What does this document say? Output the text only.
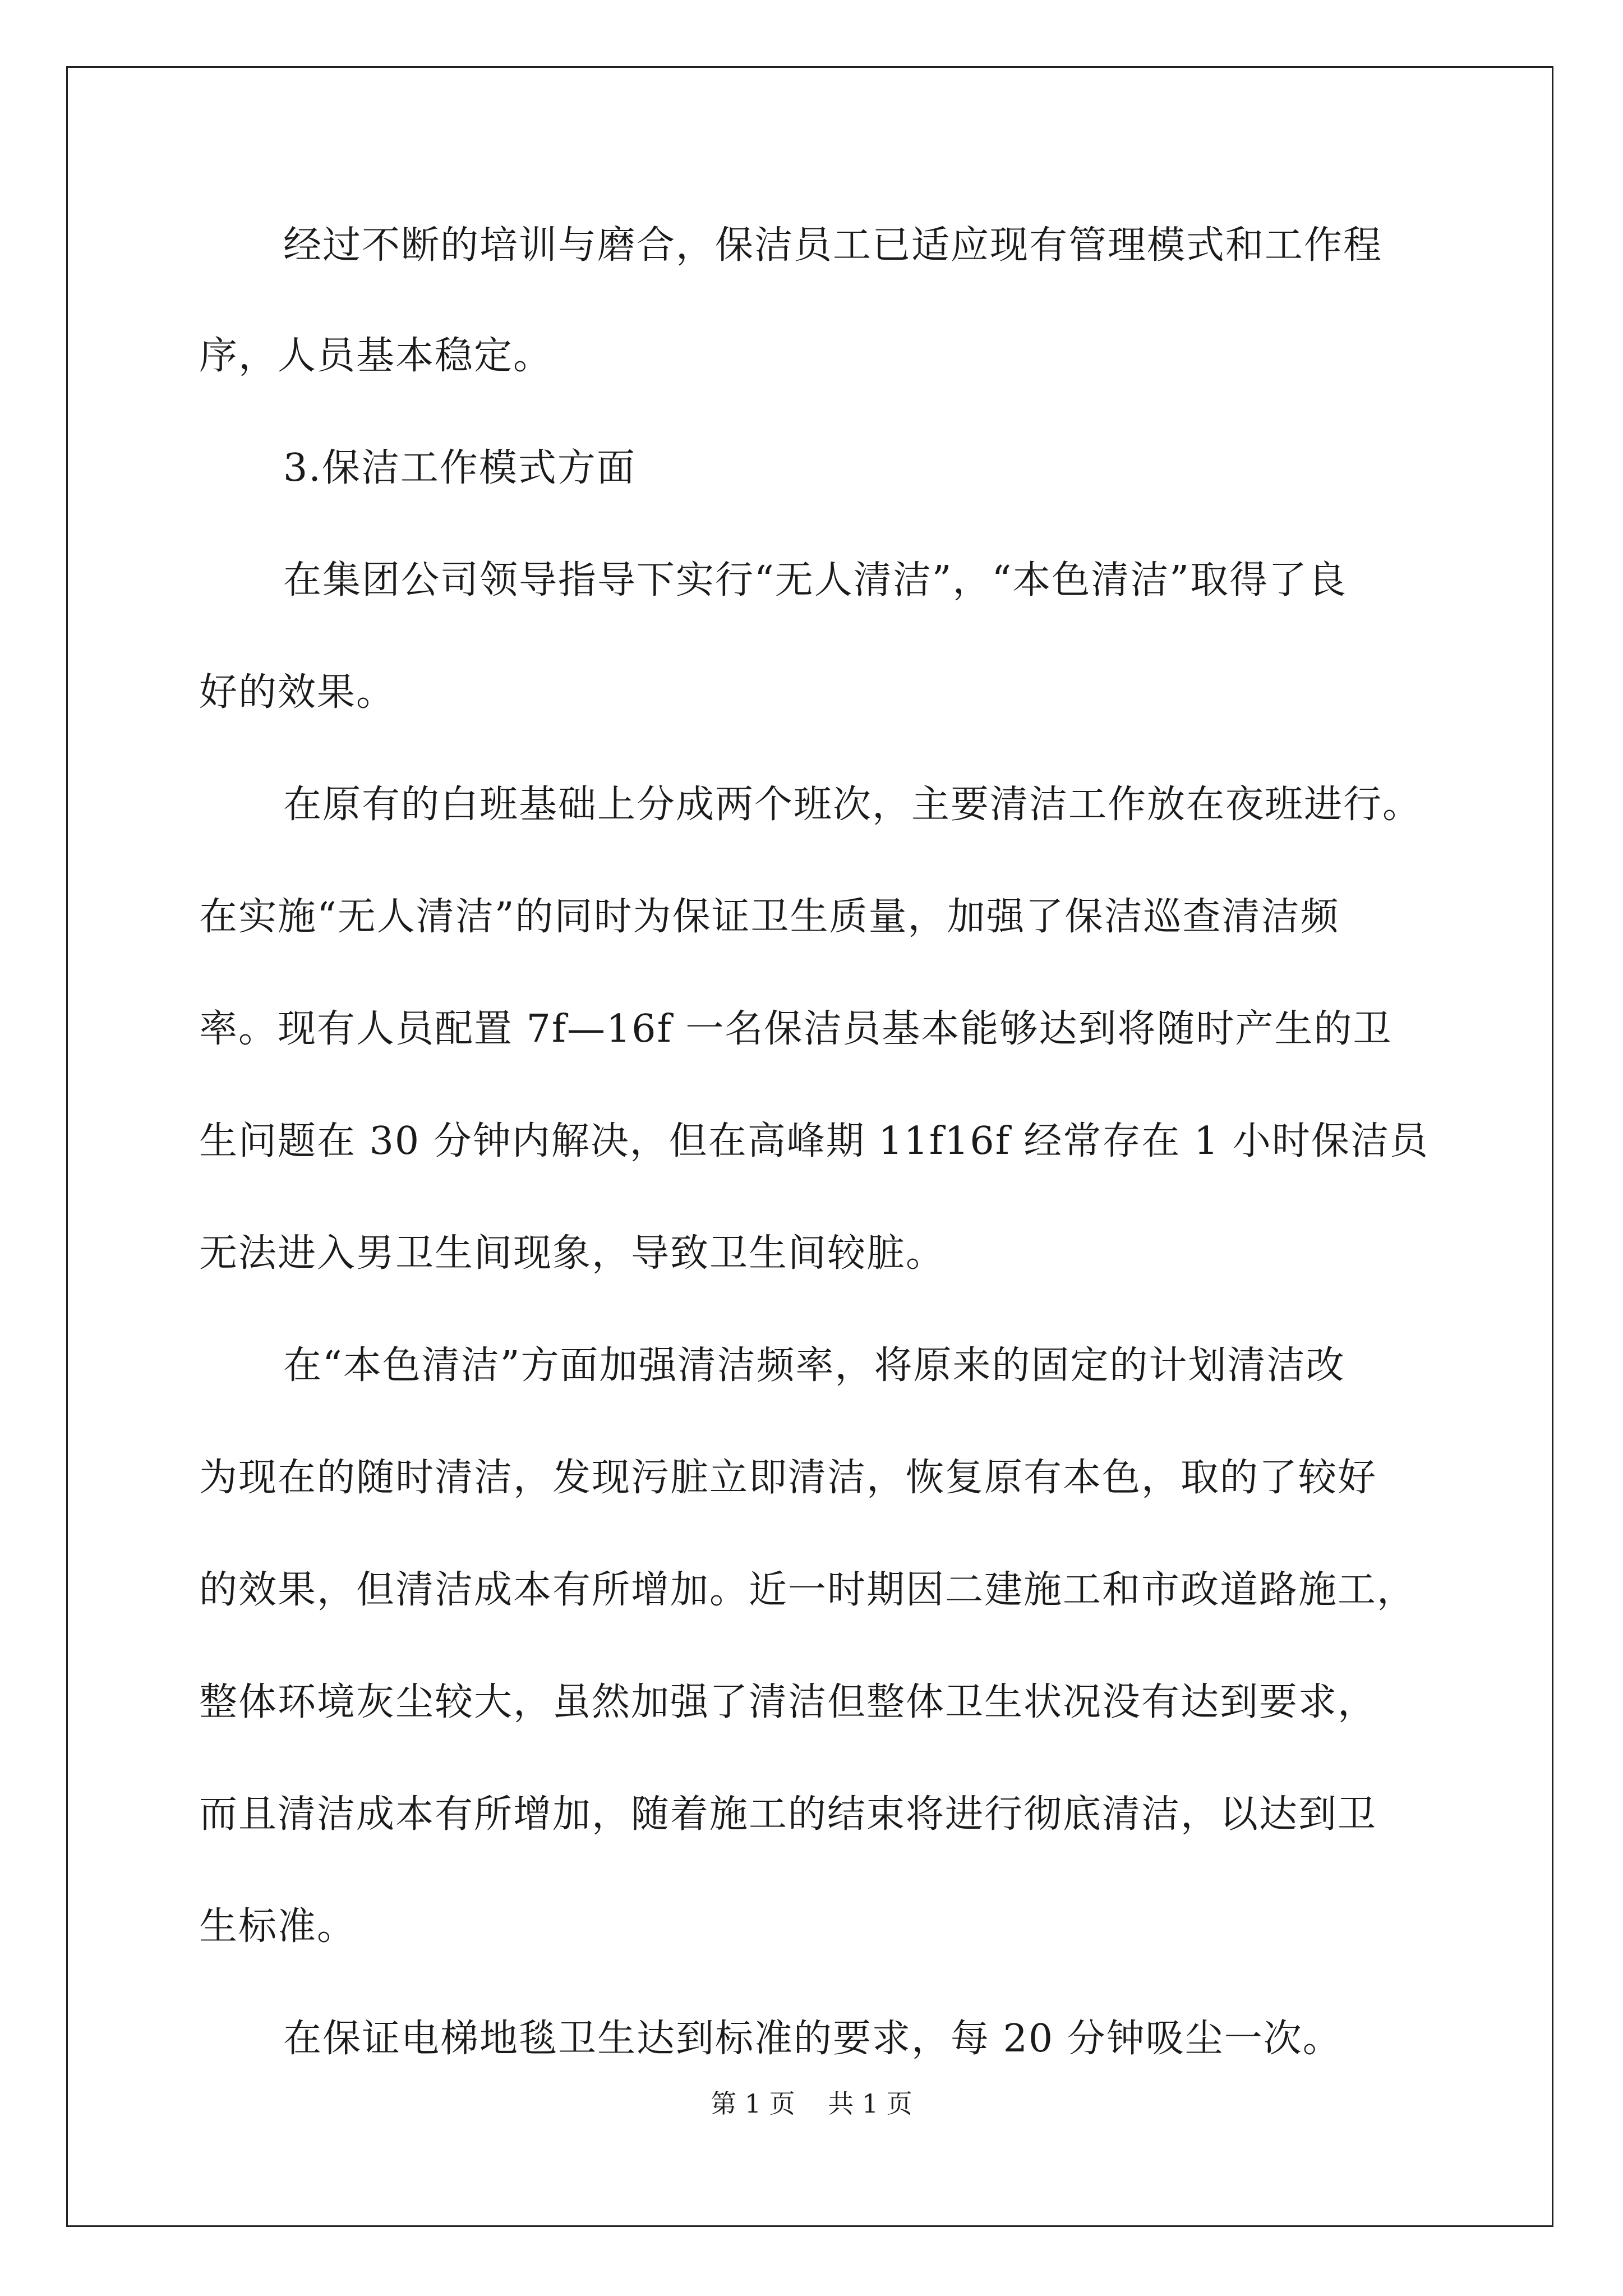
经过不断的培训与磨合，保洁员工已适应现有管理模式和工作程
序，人员基本稳定。
3.保洁工作模式方面
在集团公司领导指导下实行“无人清洁”，“本色清洁”取得了良
好的效果。
在原有的白班基础上分成两个班次，主要清洁工作放在夜班进行。
在实施“无人清洁”的同时为保证卫生质量，加强了保洁巡查清洁频
率。现有人员配置 7f—16f 一名保洁员基本能够达到将随时产生的卫
生问题在 30 分钟内解决，但在高峰期 11f16f 经常存在 1 小时保洁员
无法进入男卫生间现象，导致卫生间较脏。
在“本色清洁”方面加强清洁频率，将原来的固定的计划清洁改
为现在的随时清洁，发现污脏立即清洁，恢复原有本色，取的了较好
的效果，但清洁成本有所增加。近一时期因二建施工和市政道路施工，
整体环境灰尘较大，虽然加强了清洁但整体卫生状况没有达到要求，
而且清洁成本有所增加，随着施工的结束将进行彻底清洁，以达到卫
生标准。
在保证电梯地毯卫生达到标准的要求，每 20 分钟吸尘一次。
第 1 页    共 1 页
